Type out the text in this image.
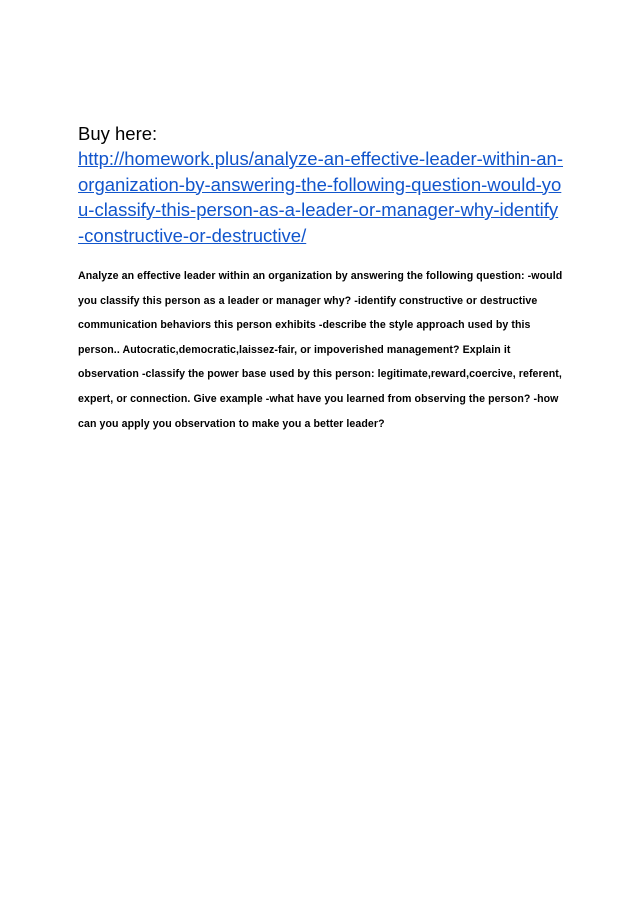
Buy here:

http://homework.plus/analyze-an-effective-leader-within-an-organization-by-answering-the-following-question-would-you-classify-this-person-as-a-leader-or-manager-why-identify-constructive-or-destructive/
Analyze an effective leader within an organization by answering the following question: -would you classify this person as a leader or manager why? -identify constructive or destructive communication behaviors this person exhibits -describe the style approach used by this person.. Autocratic,democratic,laissez-fair, or impoverished management? Explain it observation -classify the power base used by this person: legitimate,reward,coercive, referent, expert, or connection. Give example -what have you learned from observing the person? -how can you apply you observation to make you a better leader?
